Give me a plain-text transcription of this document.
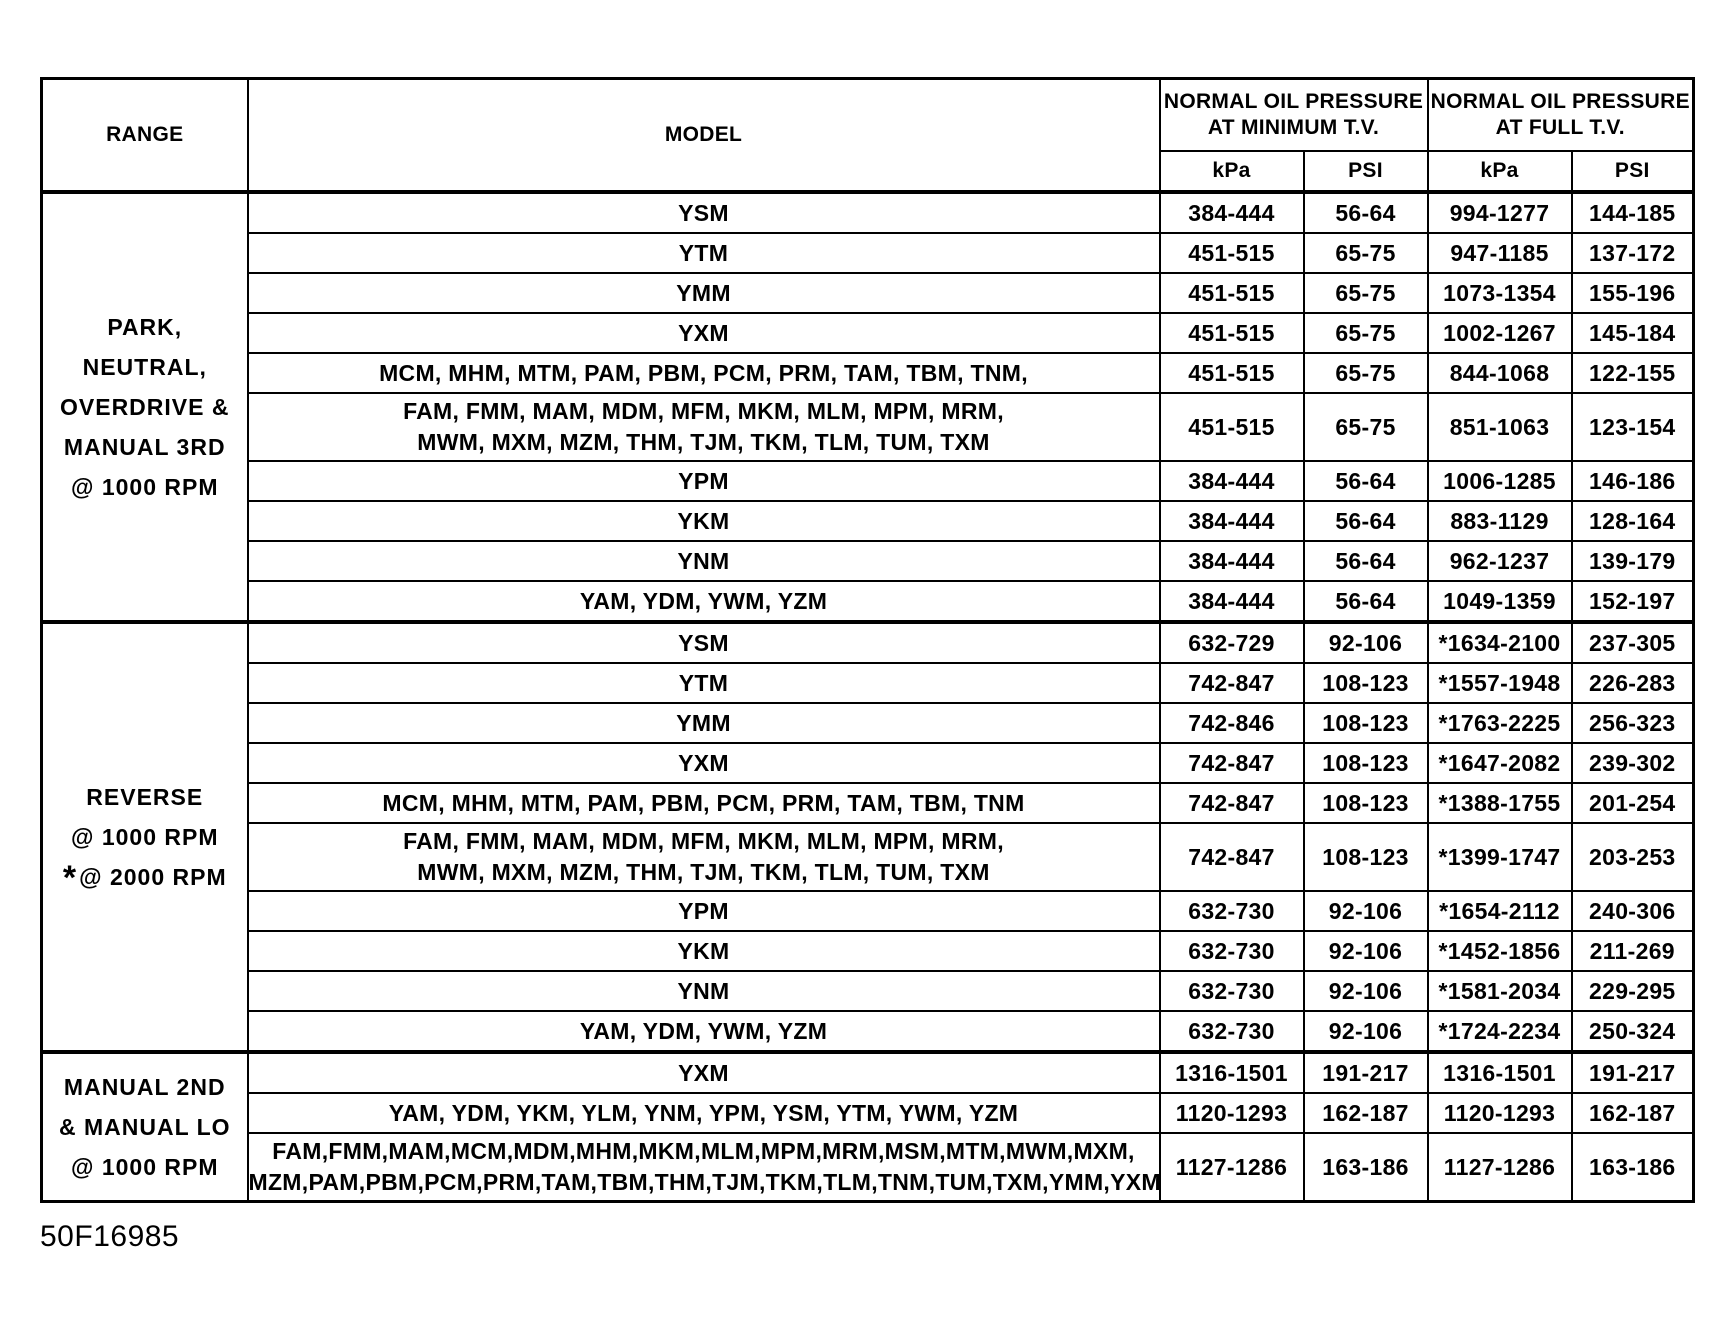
RANGE	MODEL	NORMAL OIL PRESSURE
AT MINIMUM T.V.		NORMAL OIL PRESSURE
AT FULL T.V.	
		kPa	PSI	kPa	PSI

PARK,
NEUTRAL,
OVERDRIVE &
MANUAL 3RD
@ 1000 RPM	YSM	384-444	56-64	994-1277	144-185
	YTM	451-515	65-75	947-1185	137-172
	YMM	451-515	65-75	1073-1354	155-196
	YXM	451-515	65-75	1002-1267	145-184
	MCM, MHM, MTM, PAM, PBM, PCM, PRM, TAM, TBM, TNM,	451-515	65-75	844-1068	122-155
	FAM, FMM, MAM, MDM, MFM, MKM, MLM, MPM, MRM,
MWM, MXM, MZM, THM, TJM, TKM, TLM, TUM, TXM	451-515	65-75	851-1063	123-154
	YPM	384-444	56-64	1006-1285	146-186
	YKM	384-444	56-64	883-1129	128-164
	YNM	384-444	56-64	962-1237	139-179
	YAM, YDM, YWM, YZM	384-444	56-64	1049-1359	152-197

REVERSE
@ 1000 RPM
*@ 2000 RPM	YSM	632-729	92-106	*1634-2100	237-305
	YTM	742-847	108-123	*1557-1948	226-283
	YMM	742-846	108-123	*1763-2225	256-323
	YXM	742-847	108-123	*1647-2082	239-302
	MCM, MHM, MTM, PAM, PBM, PCM, PRM, TAM, TBM, TNM	742-847	108-123	*1388-1755	201-254
	FAM, FMM, MAM, MDM, MFM, MKM, MLM, MPM, MRM,
MWM, MXM, MZM, THM, TJM, TKM, TLM, TUM, TXM	742-847	108-123	*1399-1747	203-253
	YPM	632-730	92-106	*1654-2112	240-306
	YKM	632-730	92-106	*1452-1856	211-269
	YNM	632-730	92-106	*1581-2034	229-295
	YAM, YDM, YWM, YZM	632-730	92-106	*1724-2234	250-324

MANUAL 2ND
& MANUAL LO
@ 1000 RPM	YXM	1316-1501	191-217	1316-1501	191-217
	YAM, YDM, YKM, YLM, YNM, YPM, YSM, YTM, YWM, YZM	1120-1293	162-187	1120-1293	162-187
	FAM,FMM,MAM,MCM,MDM,MHM,MKM,MLM,MPM,MRM,MSM,MTM,MWM,MXM,
MZM,PAM,PBM,PCM,PRM,TAM,TBM,THM,TJM,TKM,TLM,TNM,TUM,TXM,YMM,YXM	1127-1286	163-186	1127-1286	163-186
50F16985
